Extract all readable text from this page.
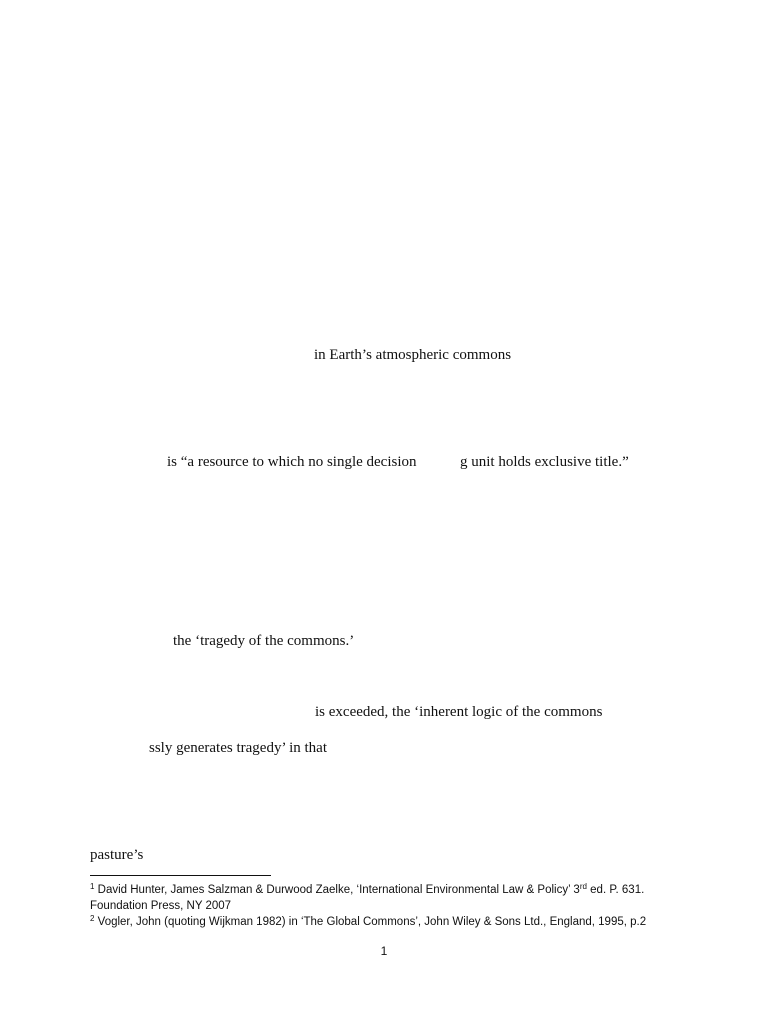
in Earth’s atmospheric commons
is “a resource to which no single decision	g unit holds exclusive title.”
the ‘tragedy of the commons.’
is exceeded, the ‘inherent logic of the commons
ssly generates tragedy’ in that
pasture’s
$^1$ David Hunter, James Salzman & Durwood Zaelke, ‘International Environmental Law & Policy’ 3rd ed. P. 631.
Foundation Press, NY 2007
$^2$ Vogler, John (quoting Wijkman 1982) in ‘The Global Commons’, John Wiley & Sons Ltd., England, 1995, p.2
1
